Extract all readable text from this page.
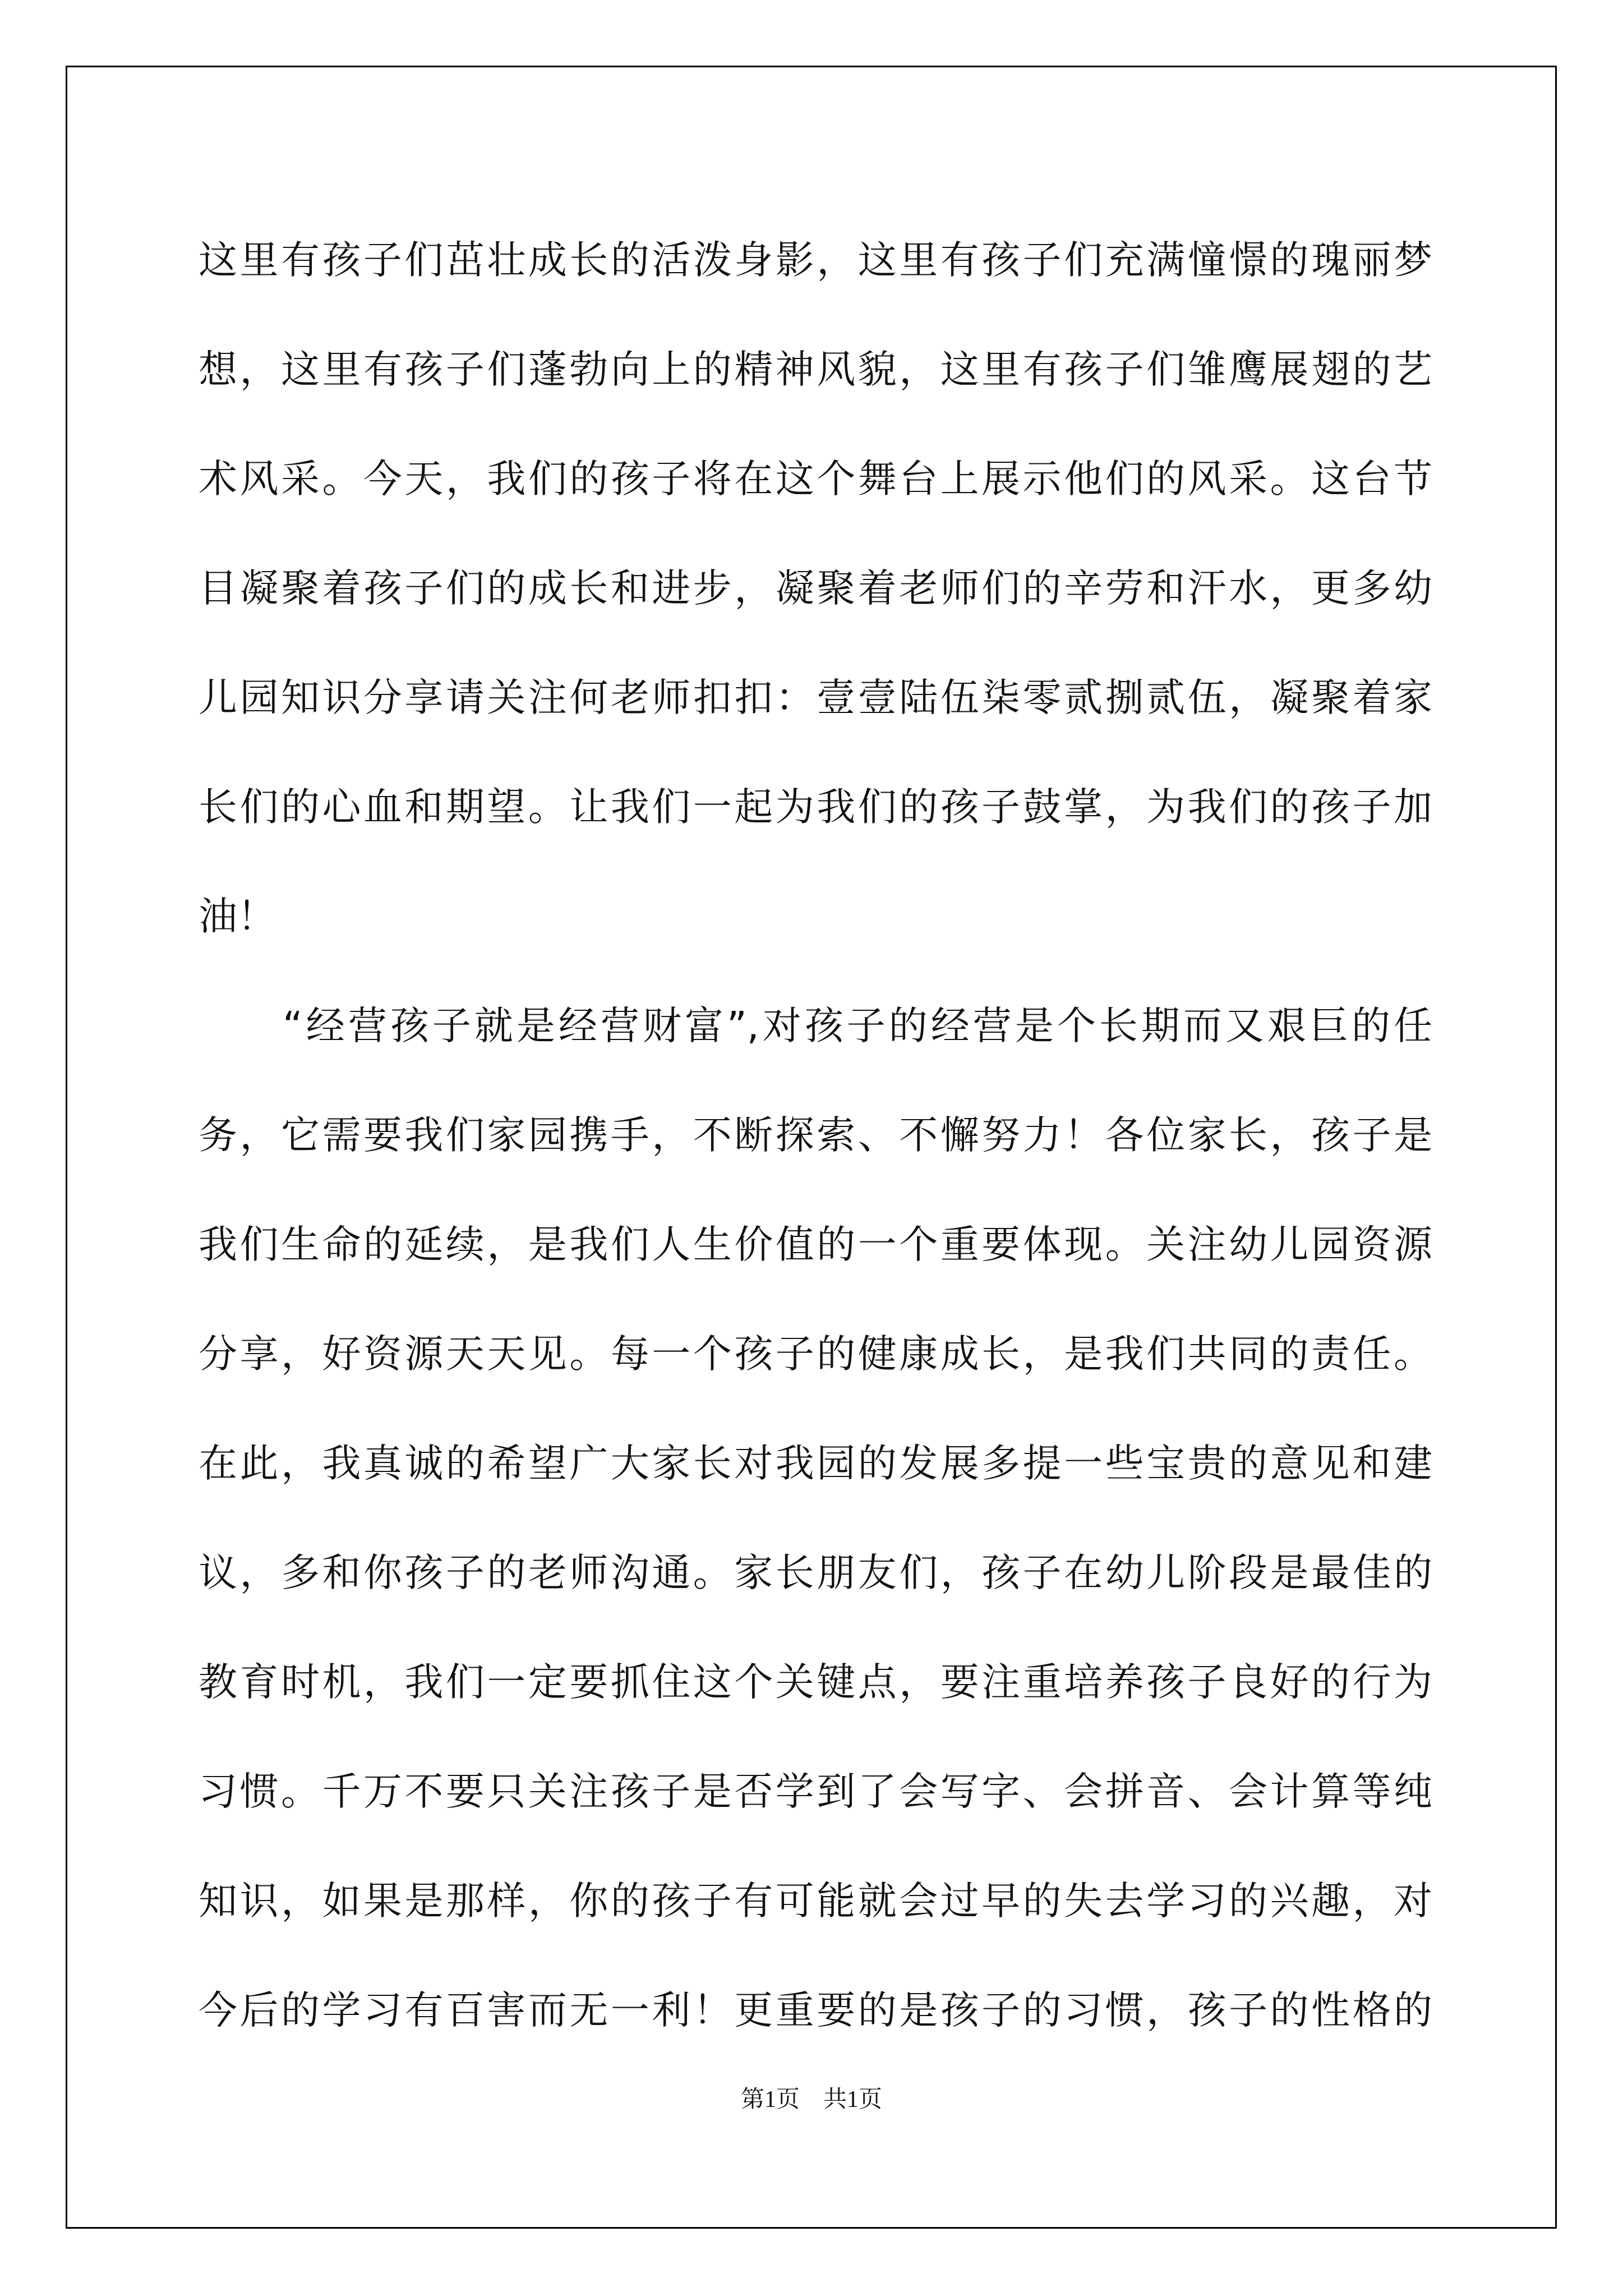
这里有孩子们茁壮成长的活泼身影，这里有孩子们充满憧憬的瑰丽梦
想，这里有孩子们蓬勃向上的精神风貌，这里有孩子们雏鹰展翅的艺
术风采。今天，我们的孩子将在这个舞台上展示他们的风采。这台节
目凝聚着孩子们的成长和进步，凝聚着老师们的辛劳和汗水，更多幼
儿园知识分享请关注何老师扣扣：壹壹陆伍柒零贰捌贰伍，凝聚着家
长们的心血和期望。让我们一起为我们的孩子鼓掌，为我们的孩子加
油！
　　“经营孩子就是经营财富”,对孩子的经营是个长期而又艰巨的任
务，它需要我们家园携手，不断探索、不懈努力！各位家长，孩子是
我们生命的延续，是我们人生价值的一个重要体现。关注幼儿园资源
分享，好资源天天见。每一个孩子的健康成长，是我们共同的责任。
在此，我真诚的希望广大家长对我园的发展多提一些宝贵的意见和建
议，多和你孩子的老师沟通。家长朋友们，孩子在幼儿阶段是最佳的
教育时机，我们一定要抓住这个关键点，要注重培养孩子良好的行为
习惯。千万不要只关注孩子是否学到了会写字、会拼音、会计算等纯
知识，如果是那样，你的孩子有可能就会过早的失去学习的兴趣，对
今后的学习有百害而无一利！更重要的是孩子的习惯，孩子的性格的
第1页　共1页
